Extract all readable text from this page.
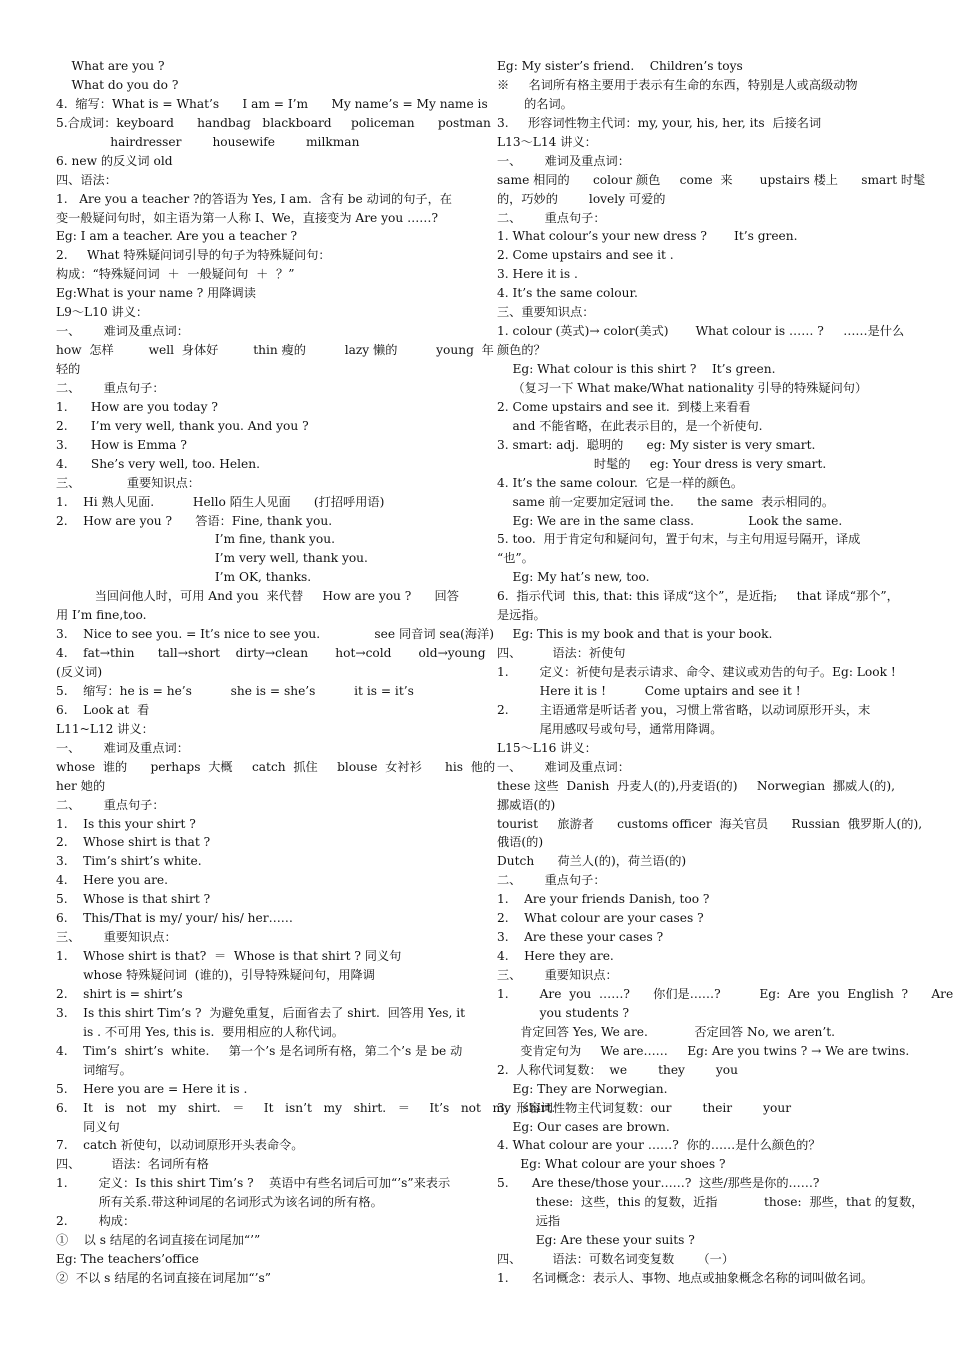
What are you ?
What do you do ?
4.  缩写：What is = What’s      I am = I’m      My name’s = My name is
5.合成词：keyboard      handbag   blackboard     policeman      postman
hairdresser        housewife        milkman
6. new 的反义词 old
四、语法：
1.   Are you a teacher ?的答语为 Yes, I am.  含有 be 动词的句子，在
变一般疑问句时，如主语为第一人称 I、We，直接变为 Are you ……?
Eg: I am a teacher. Are you a teacher ?
2.     What 特殊疑问词引导的句子为特殊疑问句：
构成：“特殊疑问词  ＋  一般疑问句  ＋  ？”
Eg:What is your name ? 用降调读
L9～L10 讲义：
一、      难词及重点词：
how  怎样         well  身体好         thin 瘦的          lazy 懒的          young  年
轻的
二、      重点句子：
1.      How are you today ?
2.      I’m very well, thank you. And you ?
3.      How is Emma ?
4.      She’s very well, too. Helen.
三、            重要知识点：
1.    Hi 熟人见面.          Hello 陌生人见面      (打招呼用语)
2.    How are you ?      答语：Fine, thank you.
I’m fine, thank you.
I’m very well, thank you.
I’m OK, thanks.
当回问他人时，可用 And you  来代替     How are you ?      回答
用 I’m fine,too.
3.    Nice to see you. = It’s nice to see you.              see 同音词 sea(海洋)
4.    fat→thin      tall→short    dirty→clean       hot→cold       old→young
(反义词)
5.    缩写：he is = he’s          she is = she’s          it is = it’s
6.    Look at  看
L11~L12 讲义：
一、      难词及重点词：
whose  谁的      perhaps  大概     catch  抓住     blouse  女衬衫      his  他的
her 她的
二、      重点句子：
1.    Is this your shirt ?
2.    Whose shirt is that ?
3.    Tim’s shirt’s white.
4.    Here you are.
5.    Whose is that shirt ?
6.    This/That is my/ your/ his/ her……
三、      重要知识点：
1.    Whose shirt is that?  ＝  Whose is that shirt ? 同义句
whose 特殊疑问词  (谁的)，引导特殊疑问句，用降调
2.    shirt is = shirt’s
3.    Is this shirt Tim’s ?  为避免重复，后面省去了 shirt.  回答用 Yes, it
is . 不可用 Yes, this is.  要用相应的人称代词。
4.    Tim’s  shirt’s  white.     第一个’s 是名词所有格，第二个’s 是 be 动
词缩写。
5.    Here you are = Here it is .
6.    It   is   not   my   shirt.   ＝     It   isn’t   my   shirt.   ＝     It’s   not   my   shirt.
同义句
7.    catch 祈使句，以动词原形开头表命令。
四、        语法：名词所有格
1.        定义：Is this shirt Tim’s ?    英语中有些名词后可加“’s”来表示
所有关系.带这种词尾的名词形式为该名词的所有格。
2.        构成：
①    以 s 结尾的名词直接在词尾加“’”
Eg: The teachers’office
②  不以 s 结尾的名词直接在词尾加“’s”
Eg: My sister’s friend.    Children’s toys
※     名词所有格主要用于表示有生命的东西，特别是人或高级动物
的名词。
3.     形容词性物主代词：my, your, his, her, its  后接名词
L13～L14 讲义：
一、      难词及重点词：
same 相同的      colour 颜色     come  来       upstairs 楼上      smart 时髦
的，巧妙的        lovely 可爱的
二、      重点句子：
1. What colour’s your new dress ?       It’s green.
2. Come upstairs and see it .
3. Here it is .
4. It’s the same colour.
三、重要知识点：
1. colour (英式)→ color(美式)       What colour is …… ?     ……是什么
颜色的？
Eg: What colour is this shirt ?    It’s green.
（复习一下 What make/What nationality 引导的特殊疑问句）
2. Come upstairs and see it.  到楼上来看看
and 不能省略，在此表示目的，是一个祈使句.
3. smart: adj.  聪明的      eg: My sister is very smart.
时髦的     eg: Your dress is very smart.
4. It’s the same colour.  它是一样的颜色。
same 前一定要加定冠词 the.      the same  表示相同的。
Eg: We are in the same class.              Look the same.
5. too.  用于肯定句和疑问句，置于句末，与主句用逗号隔开，译成
“也”。
Eg: My hat’s new, too.
6.  指示代词  this, that: this 译成“这个”，是近指;     that 译成“那个”，
是远指。
Eg: This is my book and that is your book.
四、        语法：祈使句
1.        定义：祈使句是表示请求、命令、建议或劝告的句子。Eg: Look !
Here it is !          Come uptairs and see it !
2.        主语通常是听话者 you，习惯上常省略，以动词原形开头，末
尾用感叹号或句号，通常用降调。
L15～L16 讲义：
一、      难词及重点词：
these 这些  Danish  丹麦人(的),丹麦语(的)     Norwegian  挪威人(的),
挪威语(的)
tourist     旅游者      customs officer  海关官员      Russian  俄罗斯人(的),
俄语(的)
Dutch      荷兰人(的)，荷兰语(的)
二、      重点句子：
1.    Are your friends Danish, too ?
2.    What colour are your cases ?
3.    Are these your cases ?
4.    Here they are.
三、      重要知识点：
1.        Are  you  ……?      你们是……?          Eg:  Are  you  English  ?      Are
you students ?
肯定回答 Yes, We are.            否定回答 No, we aren’t.
变肯定句为     We are……     Eg: Are you twins ? → We are twins.
2.  人称代词复数：  we        they        you
Eg: They are Norwegian.
3.  形容词性物主代词复数：our        their        your
Eg: Our cases are brown.
4. What colour are your ……?  你的……是什么颜色的？
Eg: What colour are your shoes ?
5.      Are these/those your……?  这些/那些是你的……?
these:  这些，this 的复数，近指            those:  那些，that 的复数，
远指
Eg: Are these your suits ?
四、        语法：可数名词变复数      （一）
1.      名词概念：表示人、事物、地点或抽象概念名称的词叫做名词。
